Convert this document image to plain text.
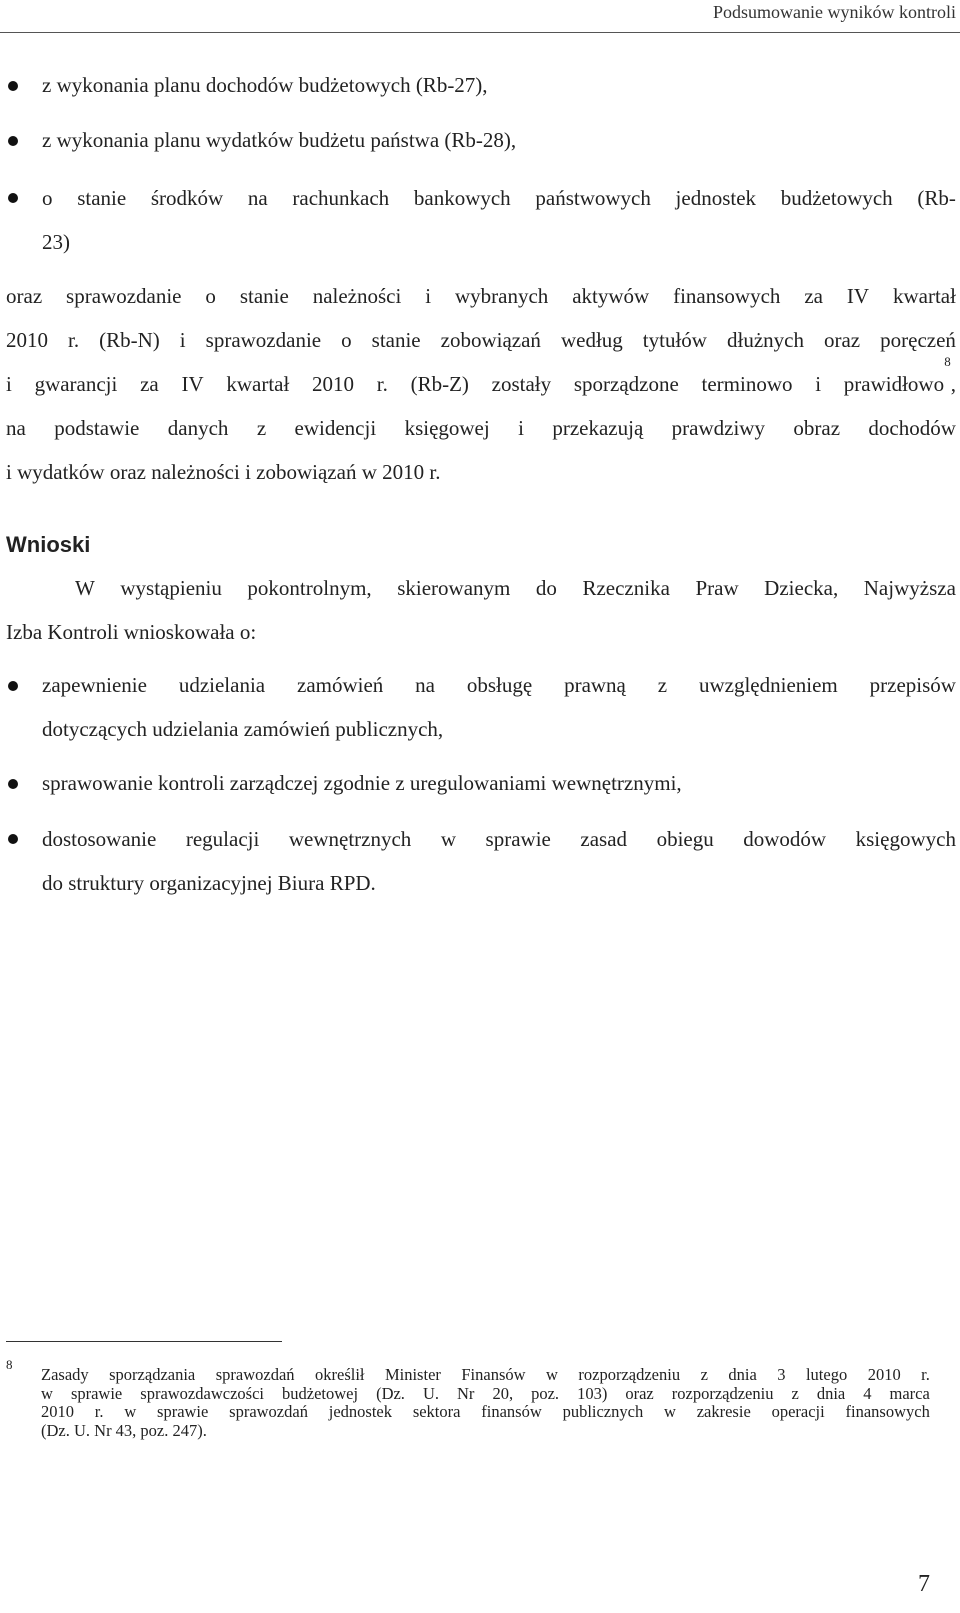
Podsumowanie wyników kontroli
z wykonania planu dochodów budżetowych (Rb-27),
z wykonania planu wydatków budżetu państwa (Rb-28),
o stanie środków na rachunkach bankowych państwowych jednostek budżetowych (Rb-
23)
oraz sprawozdanie o stanie należności i wybranych aktywów finansowych za IV kwartał
2010 r. (Rb-N) i sprawozdanie o stanie zobowiązań według tytułów dłużnych oraz poręczeń
i gwarancji za IV kwartał 2010 r. (Rb-Z) zostały sporządzone terminowo i prawidłowo
8
,
na podstawie danych z ewidencji księgowej i przekazują prawdziwy obraz dochodów
i wydatków oraz należności i zobowiązań w 2010 r.
Wnioski
W wystąpieniu pokontrolnym, skierowanym do Rzecznika Praw Dziecka, Najwyższa
Izba Kontroli wnioskowała o:
zapewnienie udzielania zamówień na obsługę prawną z uwzględnieniem przepisów
dotyczących udzielania zamówień publicznych,
sprawowanie kontroli zarządczej zgodnie z uregulowaniami wewnętrznymi,
dostosowanie regulacji wewnętrznych w sprawie zasad obiegu dowodów księgowych
do struktury organizacyjnej Biura RPD.
8
Zasady sporządzania sprawozdań określił Minister Finansów w rozporządzeniu z dnia 3 lutego 2010 r.
w sprawie sprawozdawczości budżetowej (Dz. U. Nr 20, poz. 103) oraz rozporządzeniu z dnia 4 marca
2010 r. w sprawie sprawozdań jednostek sektora finansów publicznych w zakresie operacji finansowych
(Dz. U. Nr 43, poz. 247).
7
